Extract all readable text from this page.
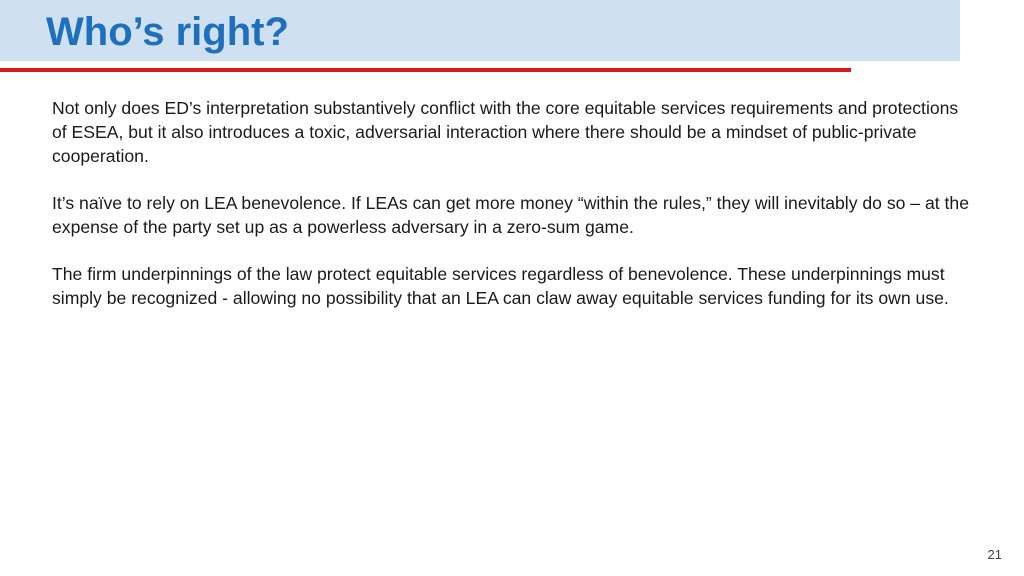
Who’s right?

Not only does ED’s interpretation substantively conflict with the core equitable services requirements and protections of ESEA, but it also introduces a toxic, adversarial interaction where there should be a mindset of public-private cooperation.

It’s naïve to rely on LEA benevolence. If LEAs can get more money “within the rules,” they will inevitably do so – at the expense of the party set up as a powerless adversary in a zero-sum game.

The firm underpinnings of the law protect equitable services regardless of benevolence. These underpinnings must simply be recognized - allowing no possibility that an LEA can claw away equitable services funding for its own use.

21
